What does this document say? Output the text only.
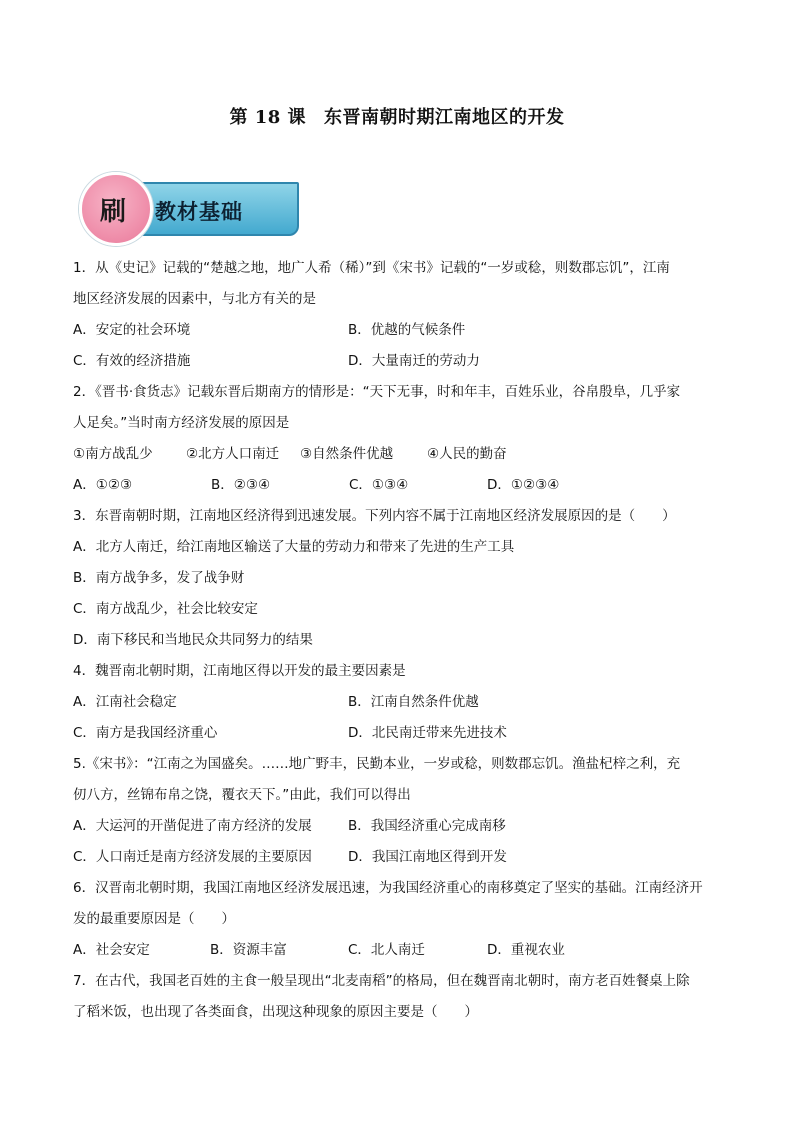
第 18 课 东晋南朝时期江南地区的开发
教材基础
刷
1．从《史记》记载的“楚越之地，地广人希（稀）”到《宋书》记载的“一岁或稔，则数郡忘饥”，江南
地区经济发展的因素中，与北方有关的是
A．安定的社会环境	B．优越的气候条件
C．有效的经济措施	D．大量南迁的劳动力
2．《晋书·食货志》记载东晋后期南方的情形是：“天下无事，时和年丰，百姓乐业，谷帛殷阜，几乎家
人足矣。”当时南方经济发展的原因是
①南方战乱少 ②北方人口南迁 ③自然条件优越	④人民的勤奋
A．①②③	B．②③④	C．①③④	D．①②③④
3．东晋南朝时期，江南地区经济得到迅速发展。下列内容不属于江南地区经济发展原因的是（　　）
A．北方人南迁，给江南地区输送了大量的劳动力和带来了先进的生产工具
B．南方战争多，发了战争财
C．南方战乱少，社会比较安定
D．南下移民和当地民众共同努力的结果
4．魏晋南北朝时期，江南地区得以开发的最主要因素是
A．江南社会稳定	B．江南自然条件优越
C．南方是我国经济重心	D．北民南迁带来先进技术
5.《宋书》：“江南之为国盛矣。……地广野丰，民勤本业，一岁或稔，则数郡忘饥。渔盐杞梓之利，充
仞八方，丝锦布帛之饶，覆衣天下。”由此，我们可以得出
A．大运河的开凿促进了南方经济的发展	B．我国经济重心完成南移
C．人口南迁是南方经济发展的主要原因	D．我国江南地区得到开发
6．汉晋南北朝时期，我国江南地区经济发展迅速，为我国经济重心的南移奠定了坚实的基础。江南经济开
发的最重要原因是（　　）
A．社会安定	B．资源丰富	C．北人南迁	D．重视农业
7．在古代，我国老百姓的主食一般呈现出“北麦南稻”的格局，但在魏晋南北朝时，南方老百姓餐桌上除
了稻米饭，也出现了各类面食，出现这种现象的原因主要是（　　）
